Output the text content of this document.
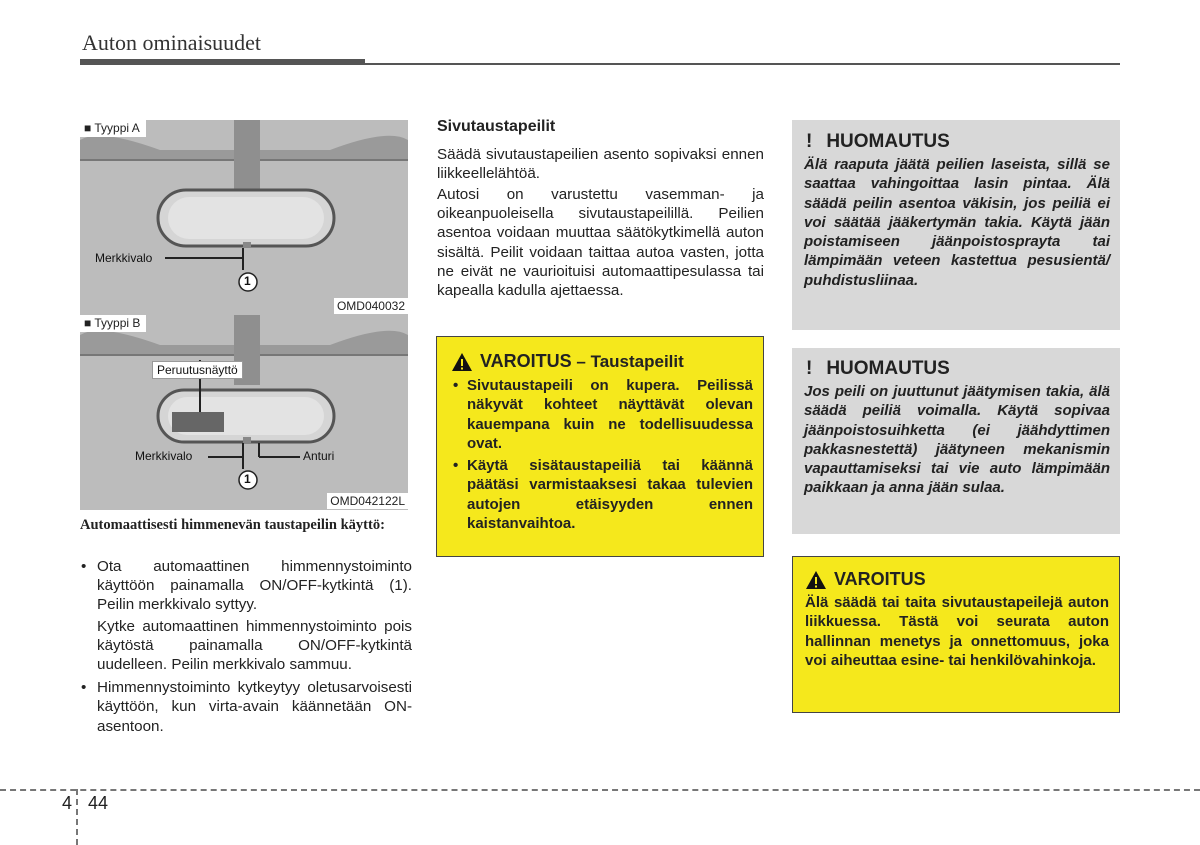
Auton ominaisuudet
■ Tyyppi A
Merkkivalo
1
OMD040032
■ Tyyppi B
Peruutusnäyttö
Merkkivalo	Anturi
1
OMD042122L
Automaattisesti himmenevän taustapeilin käyttö:
• Ota automaattinen himmennystoiminto käyttöön painamalla ON/OFF-kytkintä (1). Peilin merkkivalo syttyy.
Kytke automaattinen himmennystoiminto pois käytöstä painamalla ON/OFF-kytkintä uudelleen. Peilin merkkivalo sammuu.
• Himmennystoiminto kytkeytyy oletusarvoisesti käyttöön, kun virta-avain käännetään ON-asentoon.
Sivutaustapeilit
Säädä sivutaustapeilien asento sopivaksi ennen liikkeellelähtöä.
Autosi on varustettu vasemman- ja oikeanpuoleisella sivutaustapeilillä. Peilien asentoa voidaan muuttaa säätökytkimellä auton sisältä. Peilit voidaan taittaa autoa vasten, jotta ne eivät ne vaurioituisi automaattipesulassa tai kapealla kadulla ajettaessa.
VAROITUS – Taustapeilit
• Sivutaustapeili on kupera. Peilissä näkyvät kohteet näyttävät olevan kauempana kuin ne todellisuudessa ovat.
• Käytä sisätaustapeiliä tai käännä päätäsi varmistaaksesi takaa tulevien autojen etäisyyden ennen kaistanvaihtoa.
! HUOMAUTUS
Älä raaputa jäätä peilien laseista, sillä se saattaa vahingoittaa lasin pintaa. Älä säädä peilin asentoa väkisin, jos peiliä ei voi säätää jääkertymän takia. Käytä jään poistamiseen jäänpoistosprayta tai lämpimään veteen kastettua pesusientä/ puhdistusliinaa.
! HUOMAUTUS
Jos peili on juuttunut jäätymisen takia, älä säädä peiliä voimalla. Käytä sopivaa jäänpoistosuihketta (ei jäähdyttimen pakkasnestettä) jäätyneen mekanismin vapauttamiseksi tai vie auto lämpimään paikkaan ja anna jään sulaa.
VAROITUS
Älä säädä tai taita sivutaustapeilejä auton liikkuessa. Tästä voi seurata auton hallinnan menetys ja onnettomuus, joka voi aiheuttaa esine- tai henkilövahinkoja.
4 44
